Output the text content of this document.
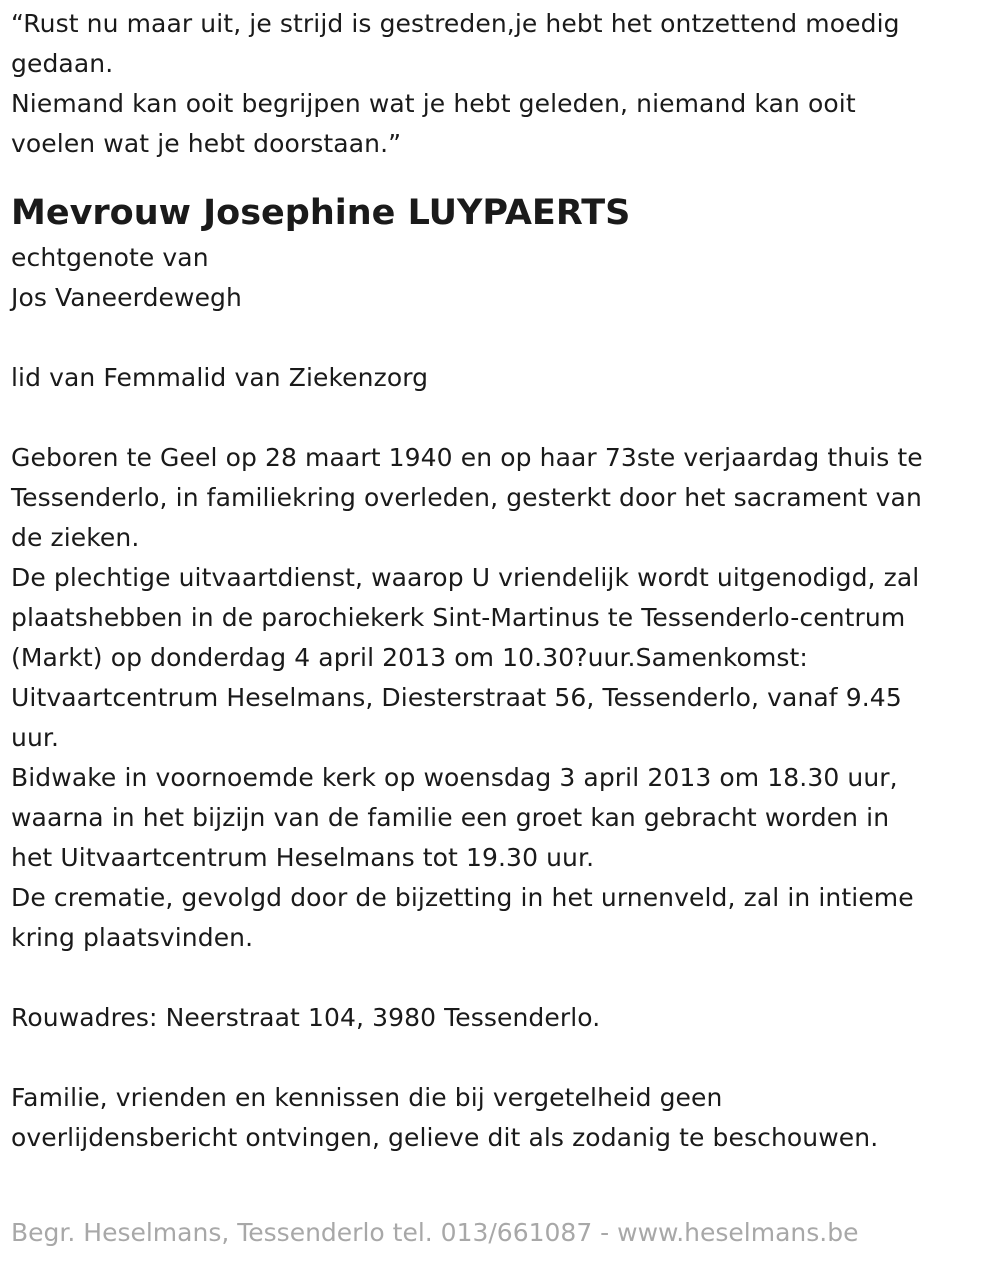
“Rust nu maar uit, je strijd is gestreden,je hebt het ontzettend moedig
gedaan.
Niemand kan ooit begrijpen wat je hebt geleden, niemand kan ooit
voelen wat je hebt doorstaan.”
Mevrouw Josephine LUYPAERTS
echtgenote van
Jos Vaneerdewegh
lid van Femmalid van Ziekenzorg
Geboren te Geel op 28 maart 1940 en op haar 73ste verjaardag thuis te
Tessenderlo, in familiekring overleden, gesterkt door het sacrament van
de zieken.
De plechtige uitvaartdienst, waarop U vriendelijk wordt uitgenodigd, zal
plaatshebben in de parochiekerk Sint-Martinus te Tessenderlo-centrum
(Markt) op donderdag 4 april 2013 om 10.30?uur.Samenkomst:
Uitvaartcentrum Heselmans, Diesterstraat 56, Tessenderlo, vanaf 9.45
uur.
Bidwake in voornoemde kerk op woensdag 3 april 2013 om 18.30 uur,
waarna in het bijzijn van de familie een groet kan gebracht worden in
het Uitvaartcentrum Heselmans tot 19.30 uur.
De crematie, gevolgd door de bijzetting in het urnenveld, zal in intieme
kring plaatsvinden.
Rouwadres: Neerstraat 104, 3980 Tessenderlo.
Familie, vrienden en kennissen die bij vergetelheid geen
overlijdensbericht ontvingen, gelieve dit als zodanig te beschouwen.
Begr. Heselmans, Tessenderlo tel. 013/661087 - www.heselmans.be
